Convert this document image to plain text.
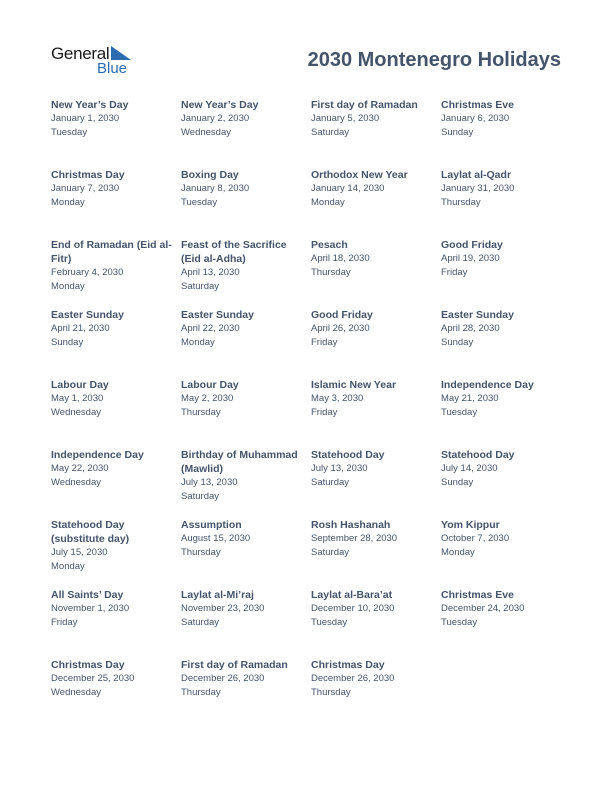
General
Blue	2030 Montenegro Holidays
New Year’s Day
January 1, 2030
Tuesday
New Year’s Day
January 2, 2030
Wednesday
First day of Ramadan
January 5, 2030
Saturday
Christmas Eve
January 6, 2030
Sunday
Christmas Day
January 7, 2030
Monday
Boxing Day
January 8, 2030
Tuesday
Orthodox New Year
January 14, 2030
Monday
Laylat al-Qadr
January 31, 2030
Thursday
End of Ramadan (Eid al-Fitr)
February 4, 2030
Monday
Feast of the Sacrifice (Eid al-Adha)
April 13, 2030
Saturday
Pesach
April 18, 2030
Thursday
Good Friday
April 19, 2030
Friday
Easter Sunday
April 21, 2030
Sunday
Easter Sunday
April 22, 2030
Monday
Good Friday
April 26, 2030
Friday
Easter Sunday
April 28, 2030
Sunday
Labour Day
May 1, 2030
Wednesday
Labour Day
May 2, 2030
Thursday
Islamic New Year
May 3, 2030
Friday
Independence Day
May 21, 2030
Tuesday
Independence Day
May 22, 2030
Wednesday
Birthday of Muhammad (Mawlid)
July 13, 2030
Saturday
Statehood Day
July 13, 2030
Saturday
Statehood Day
July 14, 2030
Sunday
Statehood Day (substitute day)
July 15, 2030
Monday
Assumption
August 15, 2030
Thursday
Rosh Hashanah
September 28, 2030
Saturday
Yom Kippur
October 7, 2030
Monday
All Saints’ Day
November 1, 2030
Friday
Laylat al-Mi’raj
November 23, 2030
Saturday
Laylat al-Bara’at
December 10, 2030
Tuesday
Christmas Eve
December 24, 2030
Tuesday
Christmas Day
December 25, 2030
Wednesday
First day of Ramadan
December 26, 2030
Thursday
Christmas Day
December 26, 2030
Thursday
